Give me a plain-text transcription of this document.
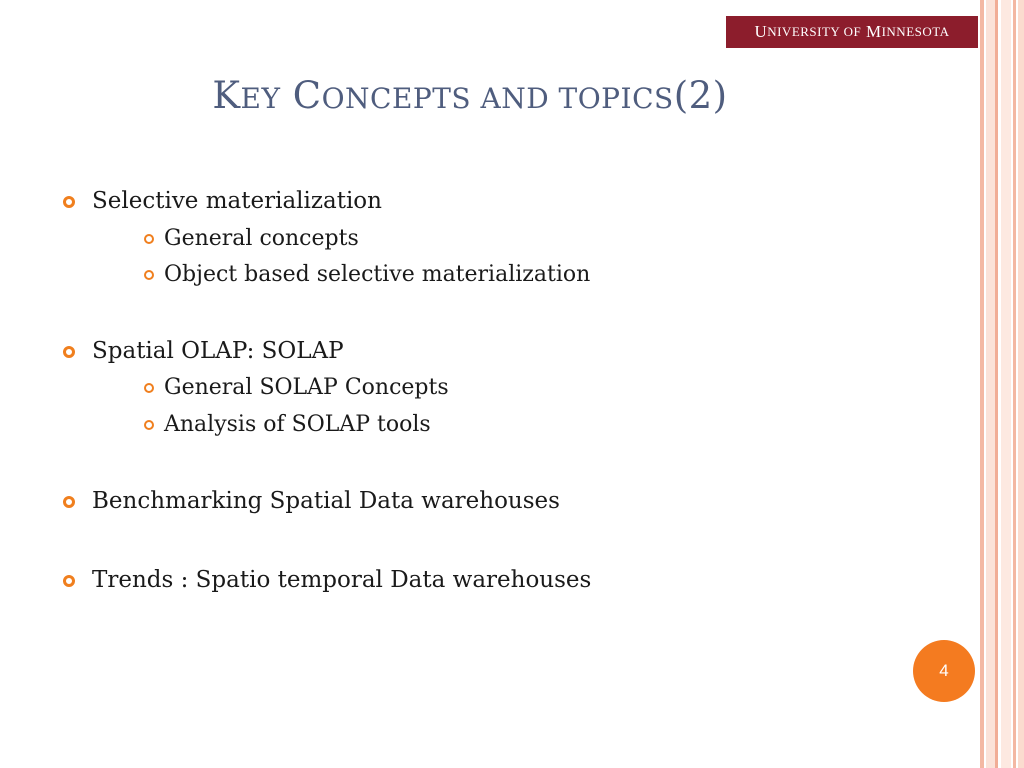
U NIVERSITY OF
M INNESOTA
KEY CONCEPTS AND TOPICS(2)
Selective materialization
General concepts
Object based selective materialization
Spatial OLAP: SOLAP
General SOLAP Concepts
Analysis of SOLAP tools
Benchmarking Spatial Data warehouses
Trends : Spatio temporal Data warehouses
4
